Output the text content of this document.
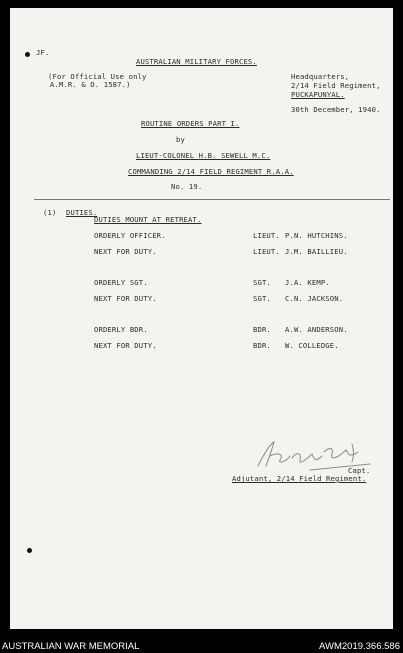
JF.
AUSTRALIAN MILITARY FORCES.
(For Official Use only
A.M.R. & O. 1587.)
Headquarters,
2/14 Field Regiment,
PUCKAPUNYAL.
30th December, 1940.
ROUTINE ORDERS PART I.
by
LIEUT-COLONEL H.B. SEWELL M.C.
COMMANDING 2/14 FIELD REGIMENT R.A.A.
No. 19.
(1) DUTIES.
DUTIES MOUNT AT RETREAT.
ORDERLY OFFICER.	LIEUT. P.N. HUTCHINS.
NEXT FOR DUTY.	LIEUT. J.M. BAILLIEU.
ORDERLY SGT.	SGT. J.A. KEMP.
NEXT FOR DUTY.	SGT. C.N. JACKSON.
ORDERLY BDR.	BDR. A.W. ANDERSON.
NEXT FOR DUTY.	BDR. W. COLLEDGE.
Capt.
Adjutant, 2/14 Field Regiment.
AUSTRALIAN WAR MEMORIAL	AWM2019.366.586
